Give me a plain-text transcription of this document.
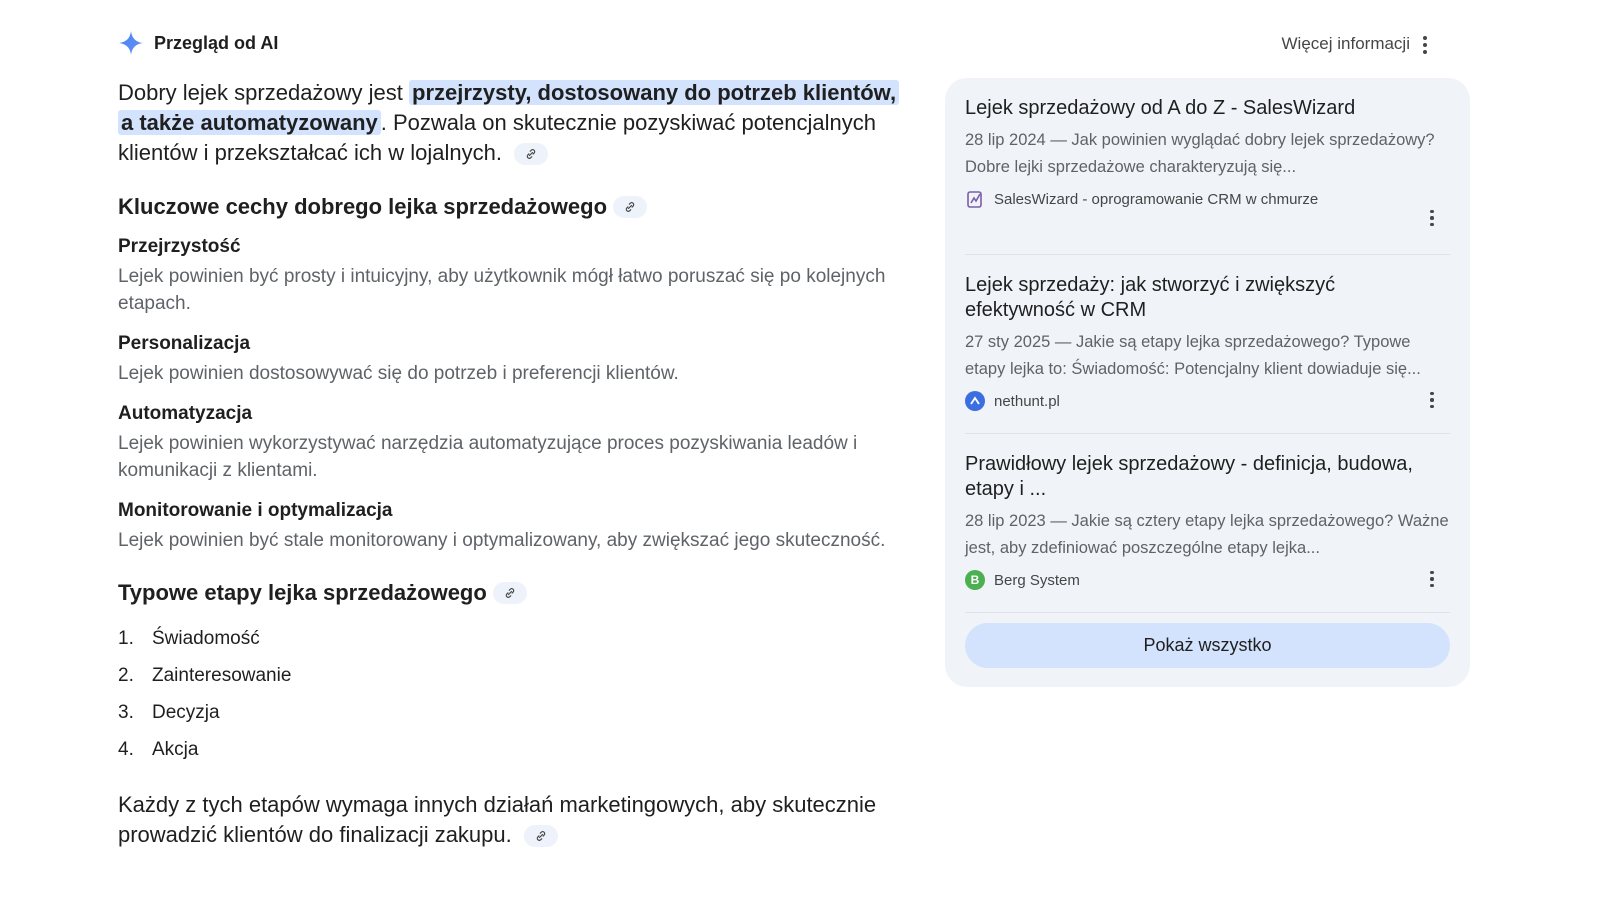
Przegląd od AI	Więcej informacji

Dobry lejek sprzedażowy jest przejrzysty, dostosowany do potrzeb klientów, a także automatyzowany . Pozwala on skutecznie pozyskiwać potencjalnych klientów i przekształcać ich w lojalnych.

Kluczowe cechy dobrego lejka sprzedażowego
Przejrzystość
Lejek powinien być prosty i intuicyjny, aby użytkownik mógł łatwo poruszać się po kolejnych etapach.
Personalizacja
Lejek powinien dostosowywać się do potrzeb i preferencji klientów.
Automatyzacja
Lejek powinien wykorzystywać narzędzia automatyzujące proces pozyskiwania leadów i komunikacji z klientami.
Monitorowanie i optymalizacja
Lejek powinien być stale monitorowany i optymalizowany, aby zwiększać jego skuteczność.
Typowe etapy lejka sprzedażowego
1. Świadomość
2. Zainteresowanie
3. Decyzja
4. Akcja

Każdy z tych etapów wymaga innych działań marketingowych, aby skutecznie prowadzić klientów do finalizacji zakupu.

Lejek sprzedażowy od A do Z - SalesWizard
28 lip 2024 — Jak powinien wyglądać dobry lejek sprzedażowy? Dobre lejki sprzedażowe charakteryzują się...
SalesWizard - oprogramowanie CRM w chmurze
Lejek sprzedaży: jak stworzyć i zwiększyć efektywność w CRM
27 sty 2025 — Jakie są etapy lejka sprzedażowego? Typowe etapy lejka to: Świadomość: Potencjalny klient dowiaduje się...
nethunt.pl
Prawidłowy lejek sprzedażowy - definicja, budowa, etapy i ...
28 lip 2023 — Jakie są cztery etapy lejka sprzedażowego? Ważne jest, aby zdefiniować poszczególne etapy lejka...
B Berg System
Pokaż wszystko
